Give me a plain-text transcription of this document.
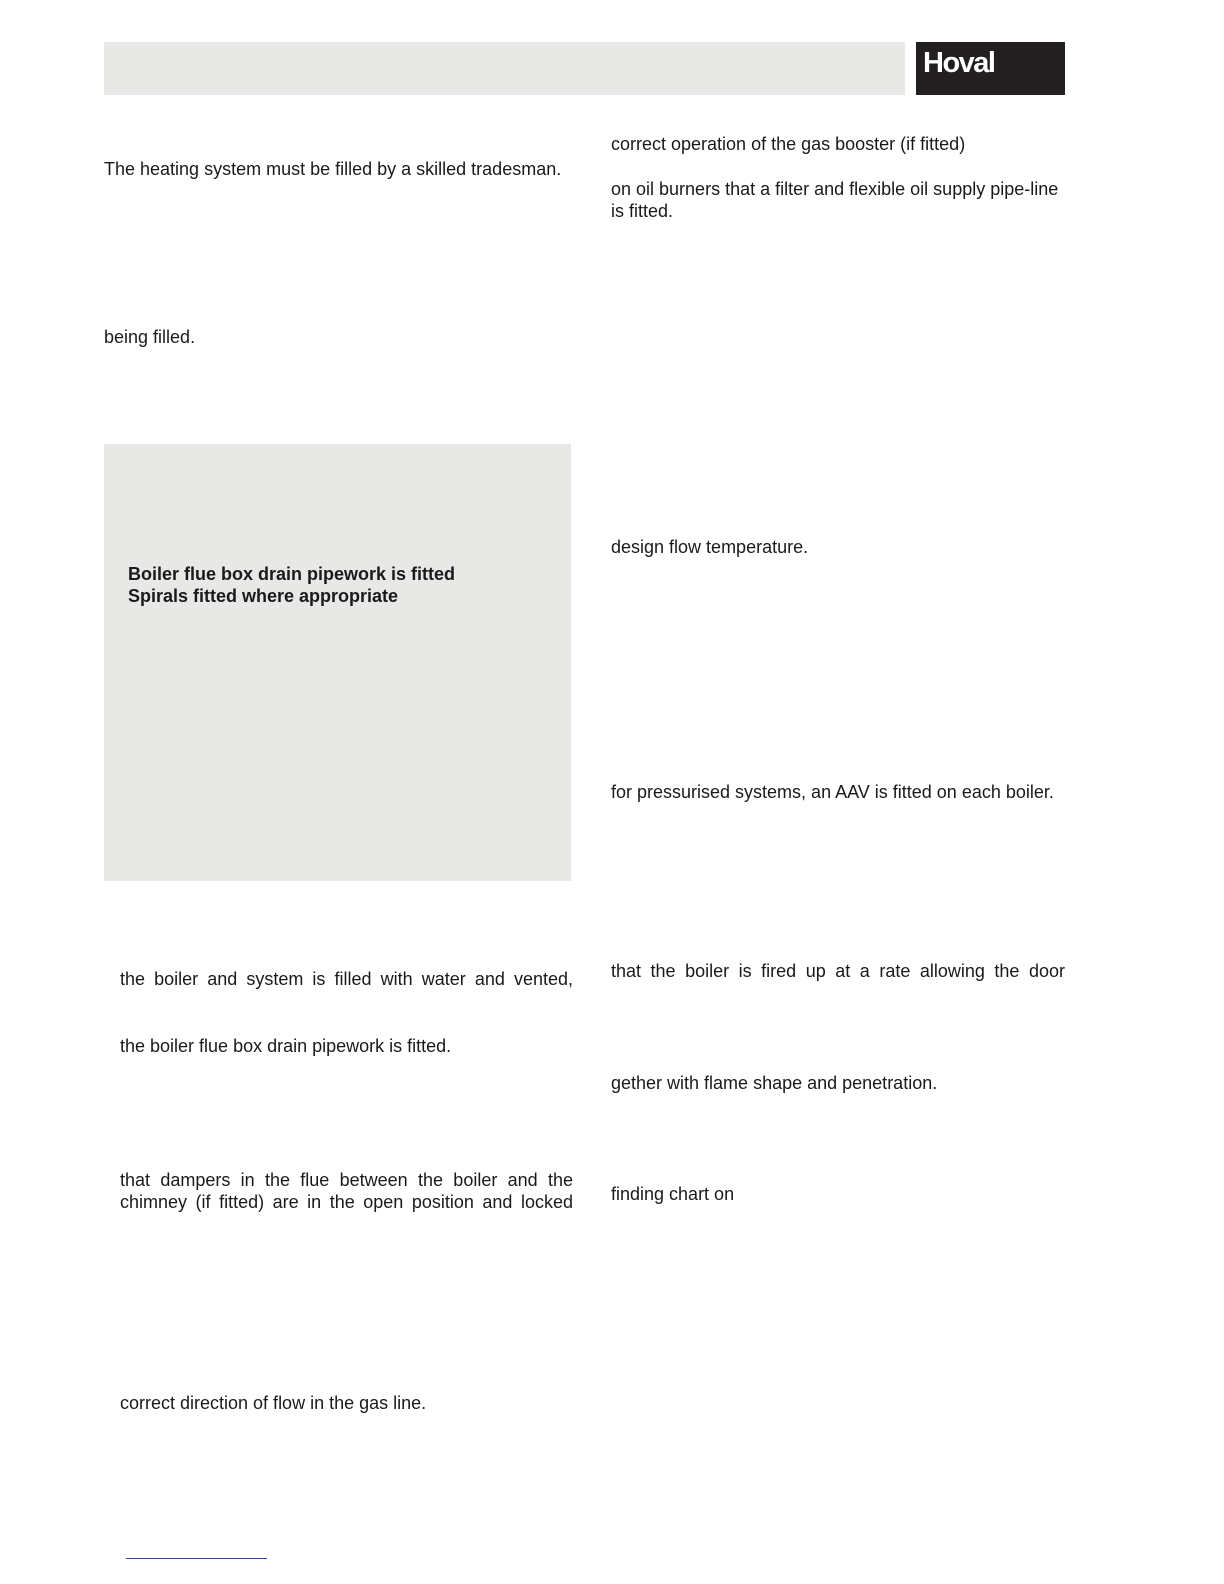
Hoval

The heating system must be filled by a skilled tradesman.

being filled.

Boiler flue box drain pipework is fitted

Spirals fitted where appropriate

the boiler and system is filled with water and vented,

the boiler flue box drain pipework is fitted.

that dampers in the flue between the boiler and the

chimney (if fitted) are in the open position and locked

correct direction of flow in the gas line.

correct operation of the gas booster (if fitted)

on oil burners that a filter and flexible oil supply pipe-line

is fitted.

design flow temperature.

for pressurised systems, an AAV is fitted on each boiler.

that the boiler is fired up at a rate allowing the door

gether with flame shape and penetration.

finding chart on
